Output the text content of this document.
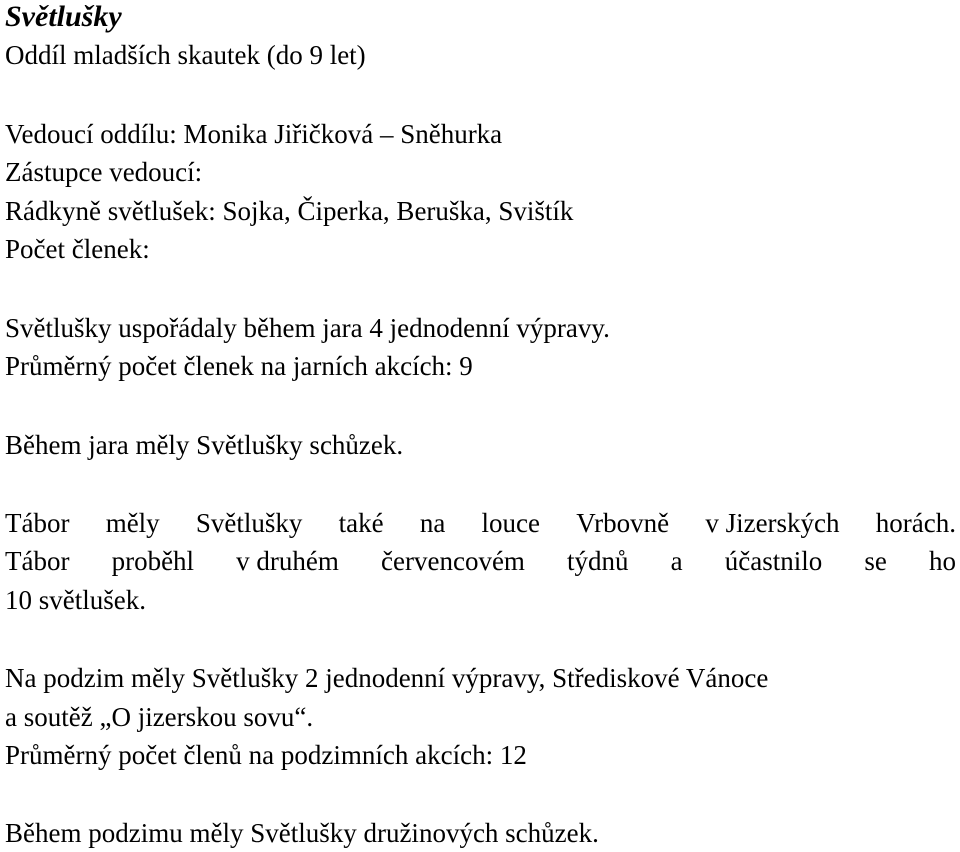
Světlušky
Oddíl mladších skautek (do 9 let)
Vedoucí oddílu: Monika Jiřičková – Sněhurka
Zástupce vedoucí:
Rádkyně světlušek: Sojka, Čiperka, Beruška, Svištík
Počet členek:
Světlušky uspořádaly během jara 4 jednodenní výpravy.
Průměrný počet členek na jarních akcích: 9
Během jara měly Světlušky schůzek.
Tábor měly Světlušky také na louce Vrbovně v Jizerských horách.
Tábor proběhl v druhém červencovém týdnů a účastnilo se ho
10 světlušek.
Na podzim měly Světlušky 2 jednodenní výpravy, Střediskové Vánoce
a soutěž „O jizerskou sovu“.
Průměrný počet členů na podzimních akcích: 12
Během podzimu měly Světlušky družinových schůzek.
